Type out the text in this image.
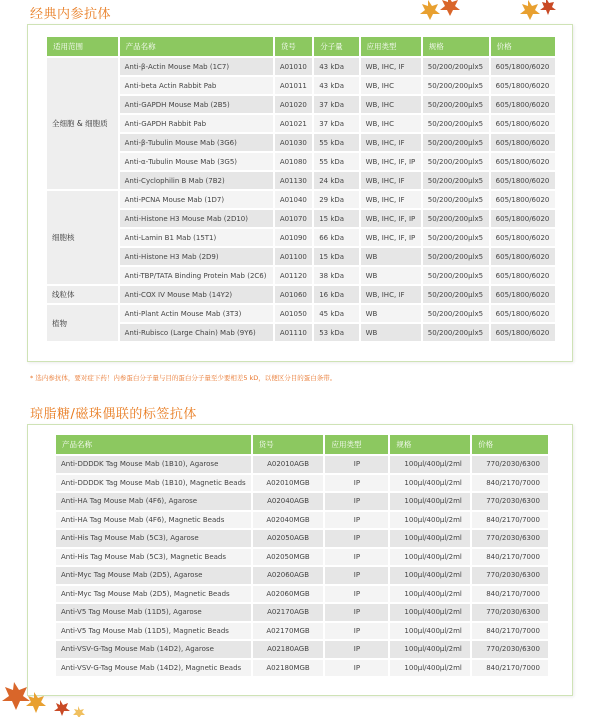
经典内参抗体
适用范围	产品名称	货号	分子量	应用类型	规格	价格
全细胞 & 细胞质	Anti-β-Actin Mouse Mab (1C7)	A01010	43 kDa	WB, IHC, IF	50/200/200μlx5	605/1800/6020
	Anti-beta Actin Rabbit Pab	A01011	43 kDa	WB, IHC	50/200/200μlx5	605/1800/6020
	Anti-GAPDH Mouse Mab (2B5)	A01020	37 kDa	WB, IHC	50/200/200μlx5	605/1800/6020
	Anti-GAPDH Rabbit Pab	A01021	37 kDa	WB, IHC	50/200/200μlx5	605/1800/6020
	Anti-β-Tubulin Mouse Mab (3G6)	A01030	55 kDa	WB, IHC, IF	50/200/200μlx5	605/1800/6020
	Anti-α-Tubulin Mouse Mab (3G5)	A01080	55 kDa	WB, IHC, IF, IP	50/200/200μlx5	605/1800/6020
	Anti-Cyclophilin B Mab (7B2)	A01130	24 kDa	WB, IHC, IF	50/200/200μlx5	605/1800/6020
细胞核	Anti-PCNA Mouse Mab (1D7)	A01040	29 kDa	WB, IHC, IF	50/200/200μlx5	605/1800/6020
	Anti-Histone H3 Mouse Mab (2D10)	A01070	15 kDa	WB, IHC, IF, IP	50/200/200μlx5	605/1800/6020
	Anti-Lamin B1 Mab (15T1)	A01090	66 kDa	WB, IHC, IF, IP	50/200/200μlx5	605/1800/6020
	Anti-Histone H3 Mab (2D9)	A01100	15 kDa	WB	50/200/200μlx5	605/1800/6020
	Anti-TBP/TATA Binding Protein Mab (2C6)	A01120	38 kDa	WB	50/200/200μlx5	605/1800/6020
线粒体	Anti-COX IV Mouse Mab (14Y2)	A01060	16 kDa	WB, IHC, IF	50/200/200μlx5	605/1800/6020
植物	Anti-Plant Actin Mouse Mab (3T3)	A01050	45 kDa	WB	50/200/200μlx5	605/1800/6020
	Anti-Rubisco (Large Chain) Mab (9Y6)	A01110	53 kDa	WB	50/200/200μlx5	605/1800/6020
* 选内参抗体，要对症下药！内参蛋白分子量与目的蛋白分子量至少要相差5 kD，以便区分目的蛋白条带。
琼脂糖/磁珠偶联的标签抗体
产品名称	货号	应用类型	规格	价格
Anti-DDDDK Tag Mouse Mab (1B10), Agarose	A02010AGB	IP	100μl/400μl/2ml	770/2030/6300
Anti-DDDDK Tag Mouse Mab (1B10), Magnetic Beads	A02010MGB	IP	100μl/400μl/2ml	840/2170/7000
Anti-HA Tag Mouse Mab (4F6), Agarose	A02040AGB	IP	100μl/400μl/2ml	770/2030/6300
Anti-HA Tag Mouse Mab (4F6), Magnetic Beads	A02040MGB	IP	100μl/400μl/2ml	840/2170/7000
Anti-His Tag Mouse Mab (5C3), Agarose	A02050AGB	IP	100μl/400μl/2ml	770/2030/6300
Anti-His Tag Mouse Mab (5C3), Magnetic Beads	A02050MGB	IP	100μl/400μl/2ml	840/2170/7000
Anti-Myc Tag Mouse Mab (2D5), Agarose	A02060AGB	IP	100μl/400μl/2ml	770/2030/6300
Anti-Myc Tag Mouse Mab (2D5), Magnetic Beads	A02060MGB	IP	100μl/400μl/2ml	840/2170/7000
Anti-V5 Tag Mouse Mab (11D5), Agarose	A02170AGB	IP	100μl/400μl/2ml	770/2030/6300
Anti-V5 Tag Mouse Mab (11D5), Magnetic Beads	A02170MGB	IP	100μl/400μl/2ml	840/2170/7000
Anti-VSV-G-Tag Mouse Mab (14D2), Agarose	A02180AGB	IP	100μl/400μl/2ml	770/2030/6300
Anti-VSV-G-Tag Mouse Mab (14D2), Magnetic Beads	A02180MGB	IP	100μl/400μl/2ml	840/2170/7000
